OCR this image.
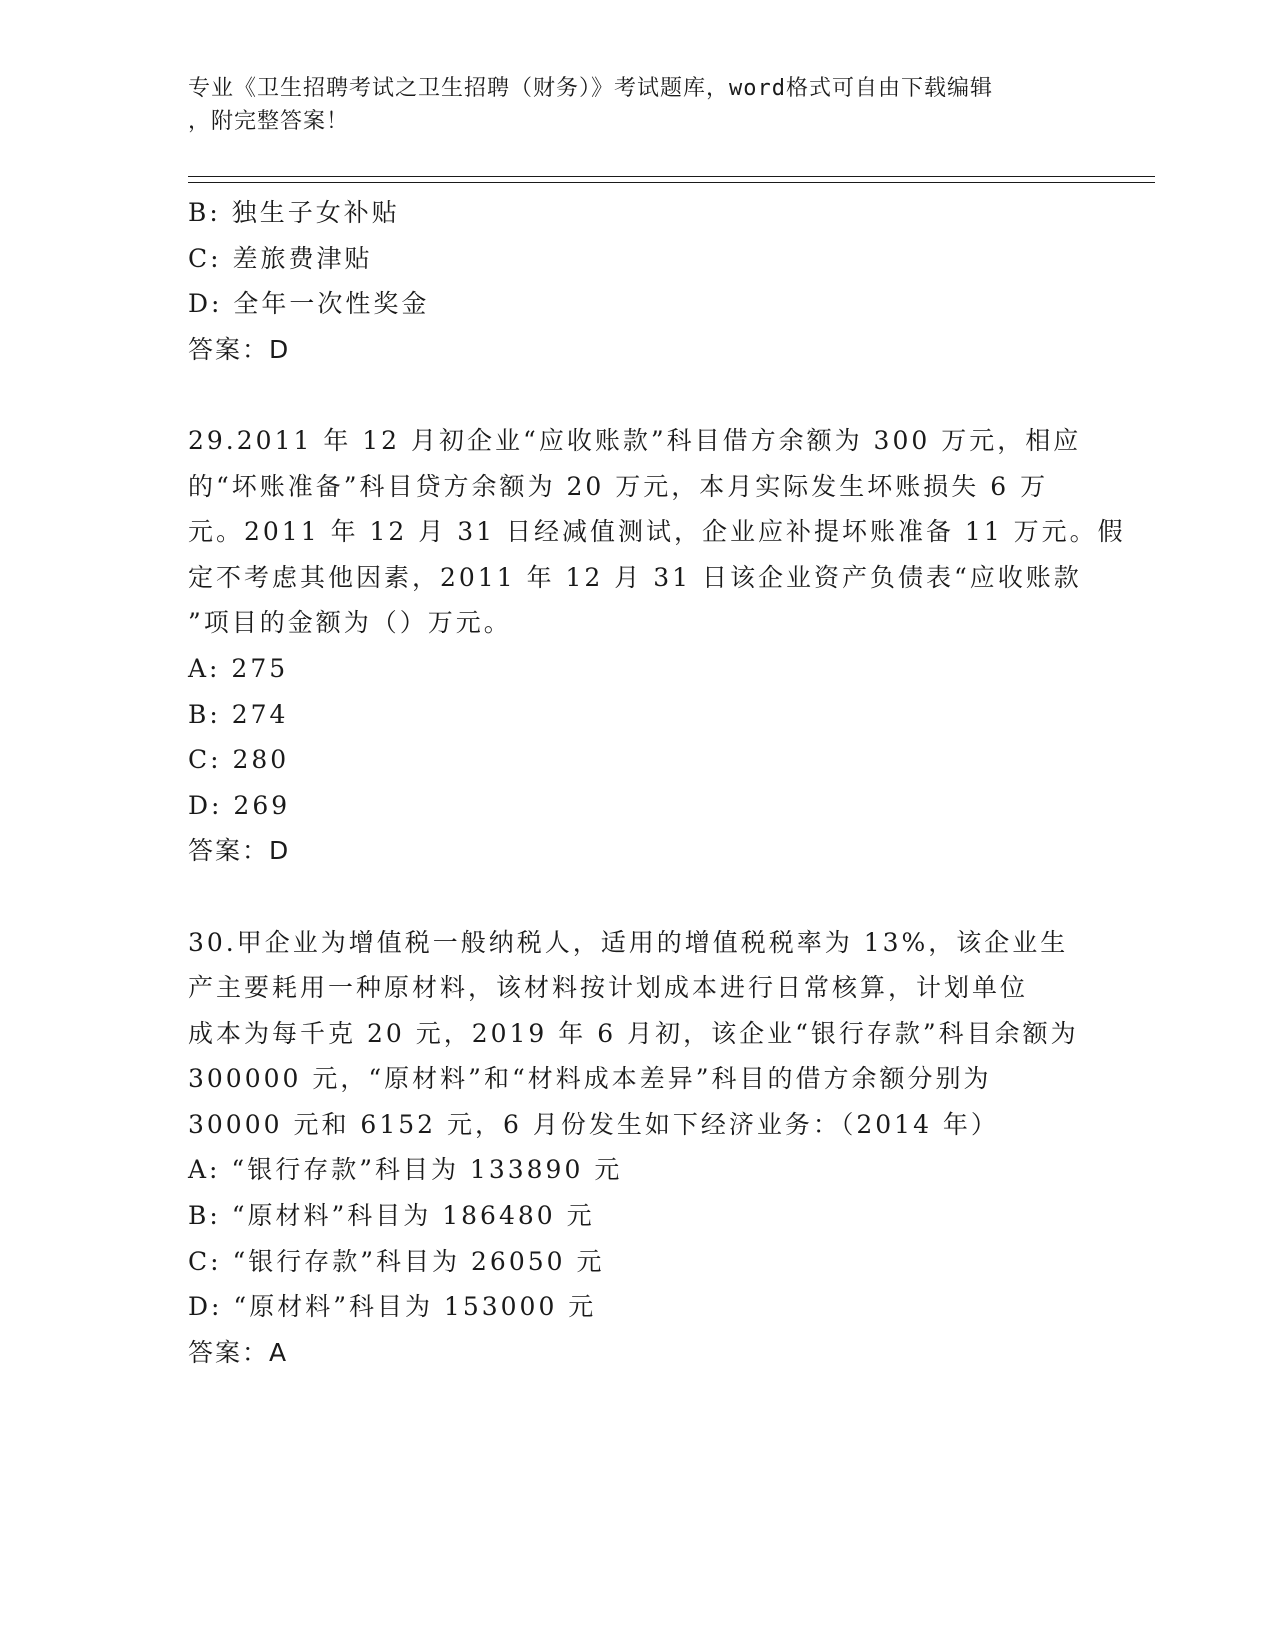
专业《卫生招聘考试之卫生招聘（财务）》考试题库，word格式可自由下载编辑
，附完整答案！
B: 独生子女补贴
C: 差旅费津贴
D: 全年一次性奖金
答案：D
29.2011 年 12 月初企业“应收账款”科目借方余额为 300 万元，相应
的“坏账准备”科目贷方余额为 20 万元，本月实际发生坏账损失 6 万
元。2011 年 12 月 31 日经减值测试，企业应补提坏账准备 11 万元。假
定不考虑其他因素，2011 年 12 月 31 日该企业资产负债表“应收账款
”项目的金额为（）万元。
A: 275
B: 274
C: 280
D: 269
答案：D
30.甲企业为增值税一般纳税人，适用的增值税税率为 13%，该企业生
产主要耗用一种原材料，该材料按计划成本进行日常核算，计划单位
成本为每千克 20 元，2019 年 6 月初，该企业“银行存款”科目余额为
300000 元，“原材料”和“材料成本差异”科目的借方余额分别为
30000 元和 6152 元，6 月份发生如下经济业务：（2014 年）
A: “银行存款”科目为 133890 元
B: “原材料”科目为 186480 元
C: “银行存款”科目为 26050 元
D: “原材料”科目为 153000 元
答案：A
